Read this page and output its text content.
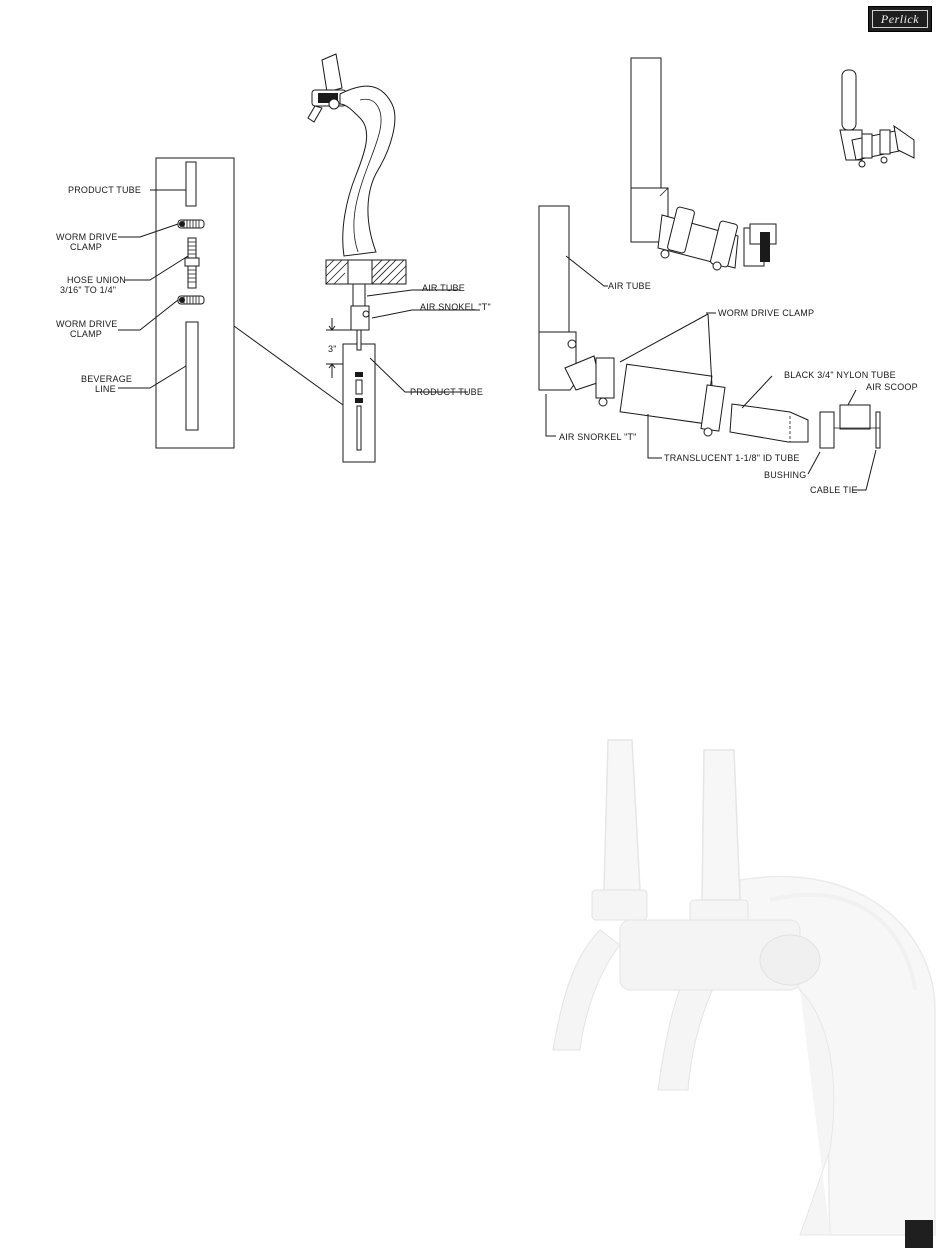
Perlick
PRODUCT TUBE
WORM DRIVE
CLAMP
HOSE UNION
3/16" TO 1/4"
WORM DRIVE
CLAMP
BEVERAGE
LINE
3"
AIR TUBE
AIR SNOKEL "T"
PRODUCT TUBE
AIR TUBE
WORM DRIVE CLAMP
BLACK 3/4" NYLON TUBE
AIR SCOOP
AIR SNORKEL "T"
TRANSLUCENT 1-1/8" ID TUBE
BUSHING
CABLE TIE
